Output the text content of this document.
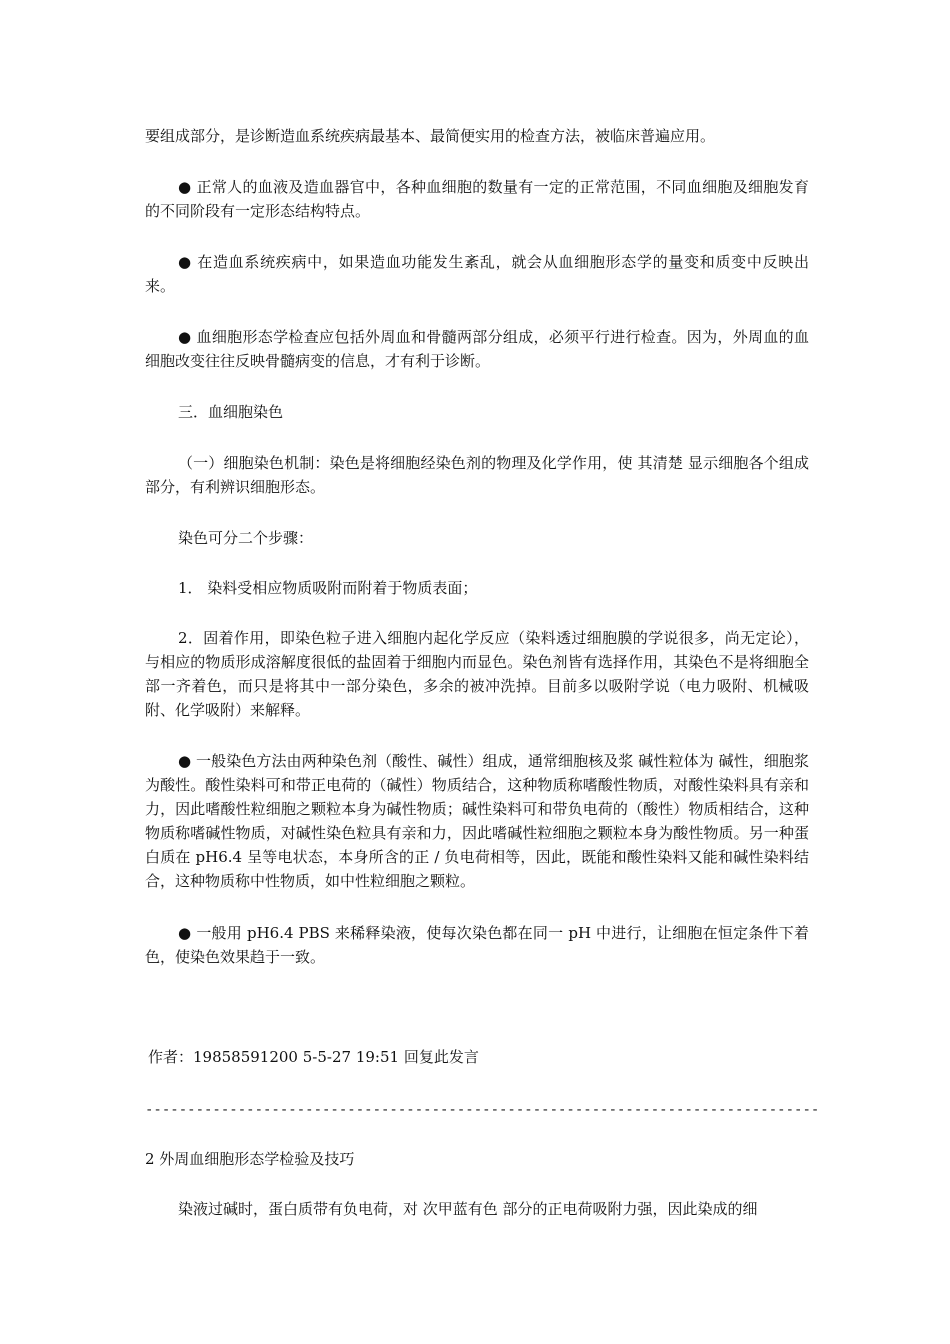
要组成部分，是诊断造血系统疾病最基本、最简便实用的检查方法，被临床普遍应用。

● 正常人的血液及造血器官中，各种血细胞的数量有一定的正常范围，不同血细胞及细胞发育的不同阶段有一定形态结构特点。

● 在造血系统疾病中，如果造血功能发生紊乱，就会从血细胞形态学的量变和质变中反映出来。

● 血细胞形态学检查应包括外周血和骨髓两部分组成，必须平行进行检查。因为，外周血的血细胞改变往往反映骨髓病变的信息，才有利于诊断。

三．血细胞染色

（一）细胞染色机制：染色是将细胞经染色剂的物理及化学作用，使 其清楚 显示细胞各个组成部分，有利辨识细胞形态。

染色可分二个步骤：

1． 染料受相应物质吸附而附着于物质表面；

2．固着作用，即染色粒子进入细胞内起化学反应（染料透过细胞膜的学说很多，尚无定论），与相应的物质形成溶解度很低的盐固着于细胞内而显色。染色剂皆有选择作用，其染色不是将细胞全部一齐着色，而只是将其中一部分染色，多余的被冲洗掉。目前多以吸附学说（电力吸附、机械吸附、化学吸附）来解释。

● 一般染色方法由两种染色剂（酸性、碱性）组成，通常细胞核及浆 碱性粒体为 碱性，细胞浆为酸性。酸性染料可和带正电荷的（碱性）物质结合，这种物质称嗜酸性物质，对酸性染料具有亲和力，因此嗜酸性粒细胞之颗粒本身为碱性物质；碱性染料可和带负电荷的（酸性）物质相结合，这种物质称嗜碱性物质，对碱性染色粒具有亲和力，因此嗜碱性粒细胞之颗粒本身为酸性物质。另一种蛋白质在 pH6.4 呈等电状态，本身所含的正 / 负电荷相等，因此，既能和酸性染料又能和碱性染料结合，这种物质称中性物质，如中性粒细胞之颗粒。

● 一般用 pH6.4 PBS 来稀释染液，使每次染色都在同一 pH 中进行，让细胞在恒定条件下着色，使染色效果趋于一致。

作者：19858591200 5-5-27 19:51 回复此发言

--------------------------------------------------------------------------------

2 外周血细胞形态学检验及技巧

染液过碱时，蛋白质带有负电荷，对 次甲蓝有色 部分的正电荷吸附力强，因此染成的细
